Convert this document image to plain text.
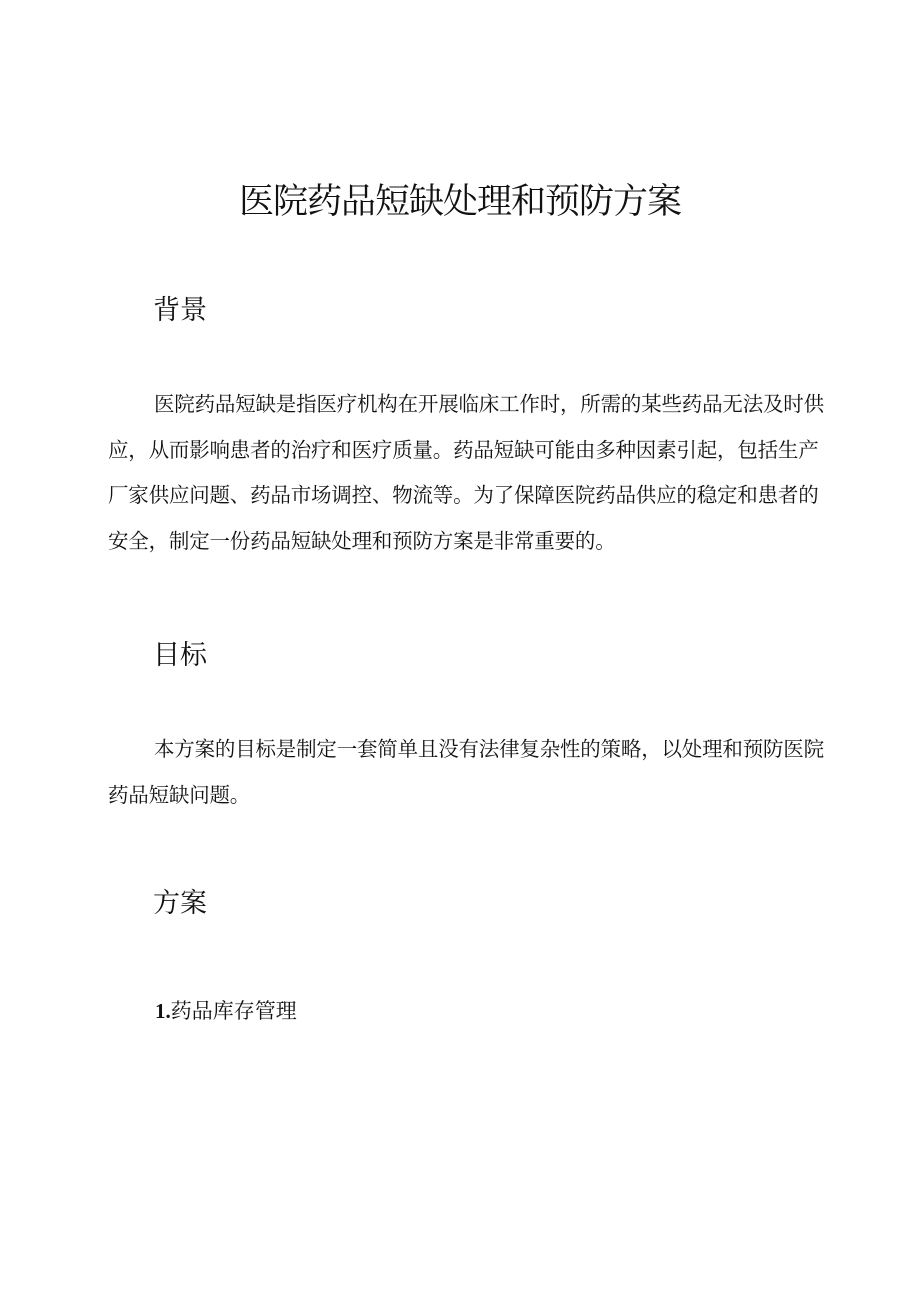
医院药品短缺处理和预防方案
背景

医院药品短缺是指医疗机构在开展临床工作时，所需的某些药品无法及时供应，从而影响患者的治疗和医疗质量。药品短缺可能由多种因素引起，包括生产厂家供应问题、药品市场调控、物流等。为了保障医院药品供应的稳定和患者的安全，制定一份药品短缺处理和预防方案是非常重要的。

目标

本方案的目标是制定一套简单且没有法律复杂性的策略，以处理和预防医院药品短缺问题。

方案
1.药品库存管理
